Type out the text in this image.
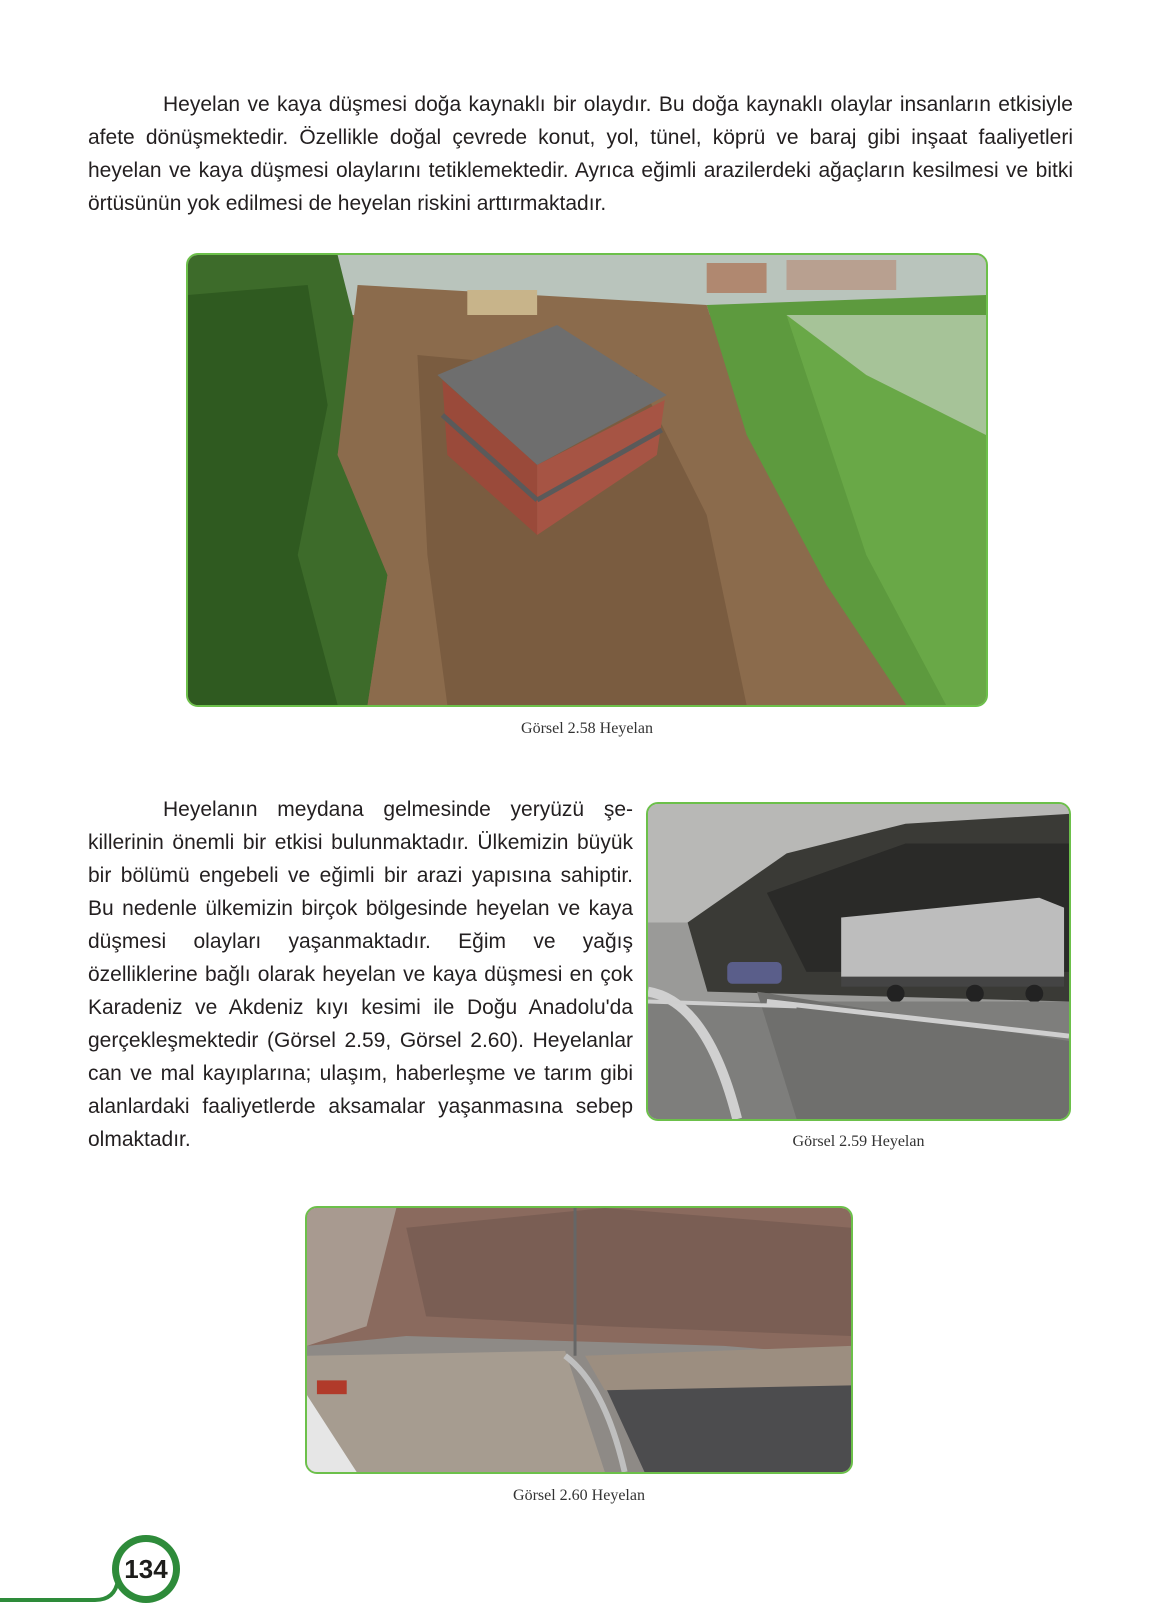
Heyelan ve kaya düşmesi doğa kaynaklı bir olaydır. Bu doğa kaynaklı olaylar insanların etkisiyle afete dönüşmektedir. Özellikle doğal çevrede konut, yol, tünel, köprü ve baraj gibi inşaat faaliyetleri heyelan ve kaya düşmesi olaylarını tetiklemektedir. Ayrıca eğimli arazilerdeki ağaçların kesilmesi ve bitki örtüsünün yok edilmesi de heyelan riskini arttırmaktadır.

Görsel 2.58 Heyelan

Heyelanın meydana gelmesinde yeryüzü şekillerinin önemli bir etkisi bulunmaktadır. Ülkemizin büyük bir bölümü engebeli ve eğimli bir arazi yapısına sahiptir. Bu nedenle ülkemizin birçok bölgesinde heyelan ve kaya düşmesi olayları yaşanmaktadır. Eğim ve yağış özelliklerine bağlı olarak heyelan ve kaya düşmesi en çok Karadeniz ve Akdeniz kıyı kesimi ile Doğu Anadolu'da gerçekleşmektedir (Görsel 2.59, Görsel 2.60). Heyelanlar can ve mal kayıplarına; ulaşım, haberleşme ve tarım gibi alanlardaki faaliyetlerde aksamalar yaşanmasına sebep olmaktadır.	Görsel 2.59 Heyelan
Görsel 2.60 Heyelan
134
